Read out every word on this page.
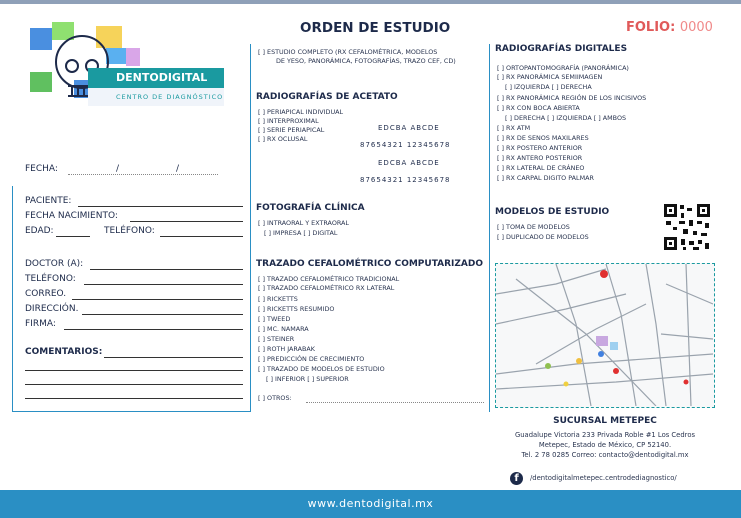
www.dentodigital.mx
DENTODIGITAL
CENTRO DE DIAGNÓSTICO
ORDEN DE ESTUDIO	FOLIO: 0000
FECHA:	/	/
PACIENTE:
FECHA NACIMIENTO:
EDAD:	TELÉFONO:
DOCTOR (A):
TELÉFONO:
CORREO.
DIRECCIÓN.
FIRMA:
COMENTARIOS:
[ ] ESTUDIO COMPLETO (RX CEFALOMÉTRICA, MODELOS
DE YESO, PANORÁMICA, FOTOGRAFÍAS, TRAZO CEF, CD)
RADIOGRAFÍAS DE ACETATO
[ ] PERIAPICAL INDIVIDUAL
[ ] INTERPROXIMAL
[ ] SERIE PERIAPICAL
[ ] RX OCLUSAL
EDCBA ABCDE
87654321 12345678
EDCBA ABCDE
87654321 12345678
FOTOGRAFÍA CLÍNICA
[ ] INTRAORAL Y EXTRAORAL
[ ] IMPRESA [ ] DIGITAL
TRAZADO CEFALOMÉTRICO COMPUTARIZADO
[ ] TRAZADO CEFALOMÉTRICO TRADICIONAL
[ ] TRAZADO CEFALOMÉTRICO RX LATERAL
[ ] RICKETTS
[ ] RICKETTS RESUMIDO
[ ] TWEED
[ ] MC. NAMARA
[ ] STEINER
[ ] ROTH JARABAK
[ ] PREDICCIÓN DE CRECIMIENTO
[ ] TRAZADO DE MODELOS DE ESTUDIO
[ ] INFERIOR [ ] SUPERIOR
[ ] OTROS:
RADIOGRAFÍAS DIGITALES
[ ] ORTOPANTOMOGRAFÍA (PANORÁMICA)
[ ] RX PANORÁMICA SEMIIMAGEN
[ ] IZQUIERDA [ ] DERECHA
[ ] RX PANORÁMICA REGIÓN DE LOS INCISIVOS
[ ] RX CON BOCA ABIERTA
[ ] DERECHA [ ] IZQUIERDA [ ] AMBOS
[ ] RX ATM
[ ] RX DE SENOS MAXILARES
[ ] RX POSTERO ANTERIOR
[ ] RX ANTERO POSTERIOR
[ ] RX LATERAL DE CRÁNEO
[ ] RX CARPAL DIGITO PALMAR
MODELOS DE ESTUDIO
[ ] TOMA DE MODELOS
[ ] DUPLICADO DE MODELOS
SUCURSAL METEPEC
Guadalupe Victoria 233 Privada Roble #1 Los Cedros
Metepec, Estado de México, CP 52140.
Tel. 2 78 0285 Correo: contacto@dentodigital.mx
f	/dentodigitalmetepec.centrodediagnostico/
